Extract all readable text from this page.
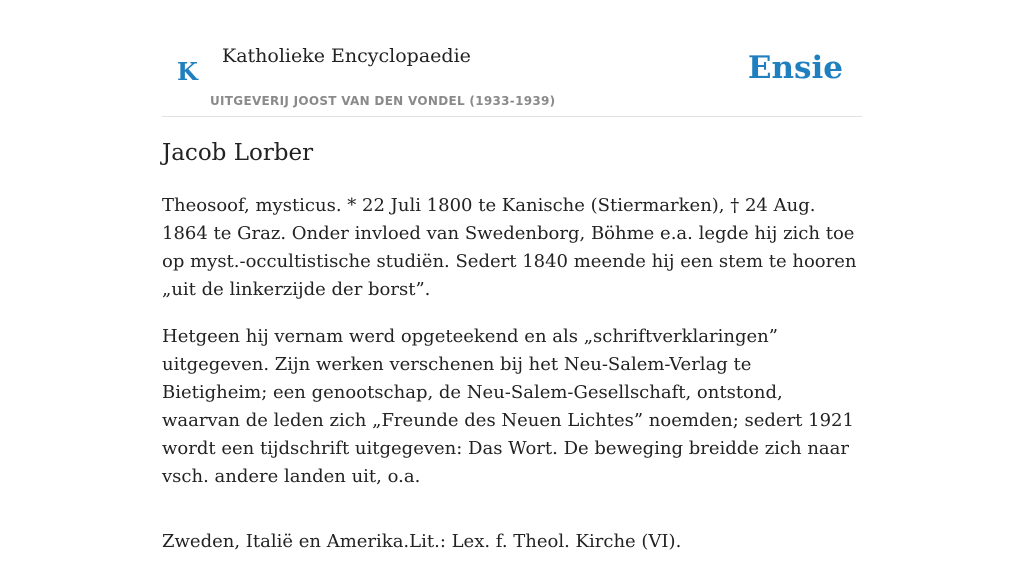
K
Katholieke Encyclopaedie
UITGEVERIJ JOOST VAN DEN VONDEL (1933-1939)
Ensie
Jacob Lorber

Theosoof, mysticus. * 22 Juli 1800 te Kanische (Stiermarken), † 24 Aug. 1864 te Graz. Onder invloed van Swedenborg, Böhme e.a. legde hij zich toe op myst.-occultistische studiën. Sedert 1840 meende hij een stem te hooren „uit de linkerzijde der borst”.

Hetgeen hij vernam werd opgeteekend en als „schriftverklaringen” uitgegeven. Zijn werken verschenen bij het Neu-Salem-Verlag te Bietigheim; een genootschap, de Neu-Salem-Gesellschaft, ontstond, waarvan de leden zich „Freunde des Neuen Lichtes” noemden; sedert 1921 wordt een tijdschrift uitgegeven: Das Wort. De beweging breidde zich naar vsch. andere landen uit, o.a.

Zweden, Italië en Amerika.Lit.: Lex. f. Theol. Kirche (VI).
